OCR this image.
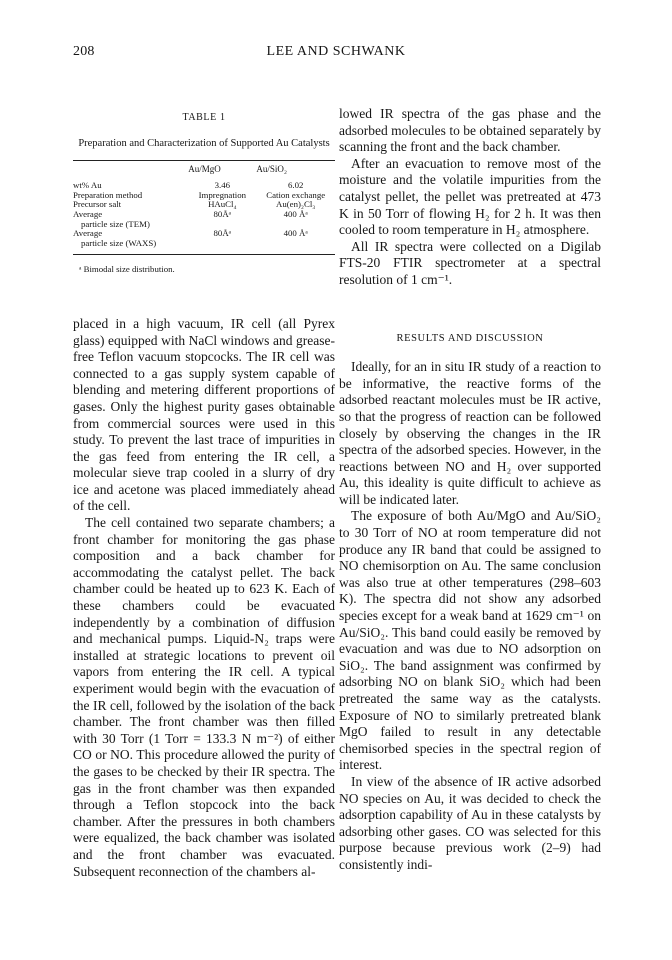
208	LEE AND SCHWANK
TABLE 1
Preparation and Characterization of Supported Au Catalysts
	Au/MgO	Au/SiO₂

wt% Au	3.46	6.02

Preparation method	Impregnation	Cation exchange

Precursor salt	HAuCl₄	Au(en)₂Cl₃

Average
particle size (TEM)	80Åᵃ	400 Åᵃ

Average
particle size (WAXS)	80Åᵃ	400 Åᵃ
ᵃ Bimodal size distribution.

placed in a high vacuum, IR cell (all Pyrex glass) equipped with NaCl windows and grease-free Teflon vacuum stopcocks. The IR cell was connected to a gas supply system capable of blending and metering different proportions of gases. Only the highest purity gases obtainable from commercial sources were used in this study. To prevent the last trace of impurities in the gas feed from entering the IR cell, a molecular sieve trap cooled in a slurry of dry ice and acetone was placed immediately ahead of the cell.

The cell contained two separate chambers; a front chamber for monitoring the gas phase composition and a back chamber for accommodating the catalyst pellet. The back chamber could be heated up to 623 K. Each of these chambers could be evacuated independently by a combination of diffusion and mechanical pumps. Liquid-N₂ traps were installed at strategic locations to prevent oil vapors from entering the IR cell. A typical experiment would begin with the evacuation of the IR cell, followed by the isolation of the back chamber. The front chamber was then filled with 30 Torr (1 Torr = 133.3 N m⁻²) of either CO or NO. This procedure allowed the purity of the gases to be checked by their IR spectra. The gas in the front chamber was then expanded through a Teflon stopcock into the back chamber. After the pressures in both chambers were equalized, the back chamber was isolated and the front chamber was evacuated. Subsequent reconnection of the chambers al-

lowed IR spectra of the gas phase and the adsorbed molecules to be obtained separately by scanning the front and the back chamber.

After an evacuation to remove most of the moisture and the volatile impurities from the catalyst pellet, the pellet was pretreated at 473 K in 50 Torr of flowing H₂ for 2 h. It was then cooled to room temperature in H₂ atmosphere.

All IR spectra were collected on a Digilab FTS-20 FTIR spectrometer at a spectral resolution of 1 cm⁻¹.

RESULTS AND DISCUSSION

Ideally, for an in situ IR study of a reaction to be informative, the reactive forms of the adsorbed reactant molecules must be IR active, so that the progress of reaction can be followed closely by observing the changes in the IR spectra of the adsorbed species. However, in the reactions between NO and H₂ over supported Au, this ideality is quite difficult to achieve as will be indicated later.

The exposure of both Au/MgO and Au/SiO₂ to 30 Torr of NO at room temperature did not produce any IR band that could be assigned to NO chemisorption on Au. The same conclusion was also true at other temperatures (298–603 K). The spectra did not show any adsorbed species except for a weak band at 1629 cm⁻¹ on Au/SiO₂. This band could easily be removed by evacuation and was due to NO adsorption on SiO₂. The band assignment was confirmed by adsorbing NO on blank SiO₂ which had been pretreated the same way as the catalysts. Exposure of NO to similarly pretreated blank MgO failed to result in any detectable chemisorbed species in the spectral region of interest.

In view of the absence of IR active adsorbed NO species on Au, it was decided to check the adsorption capability of Au in these catalysts by adsorbing other gases. CO was selected for this purpose because previous work (2–9) had consistently indi-
